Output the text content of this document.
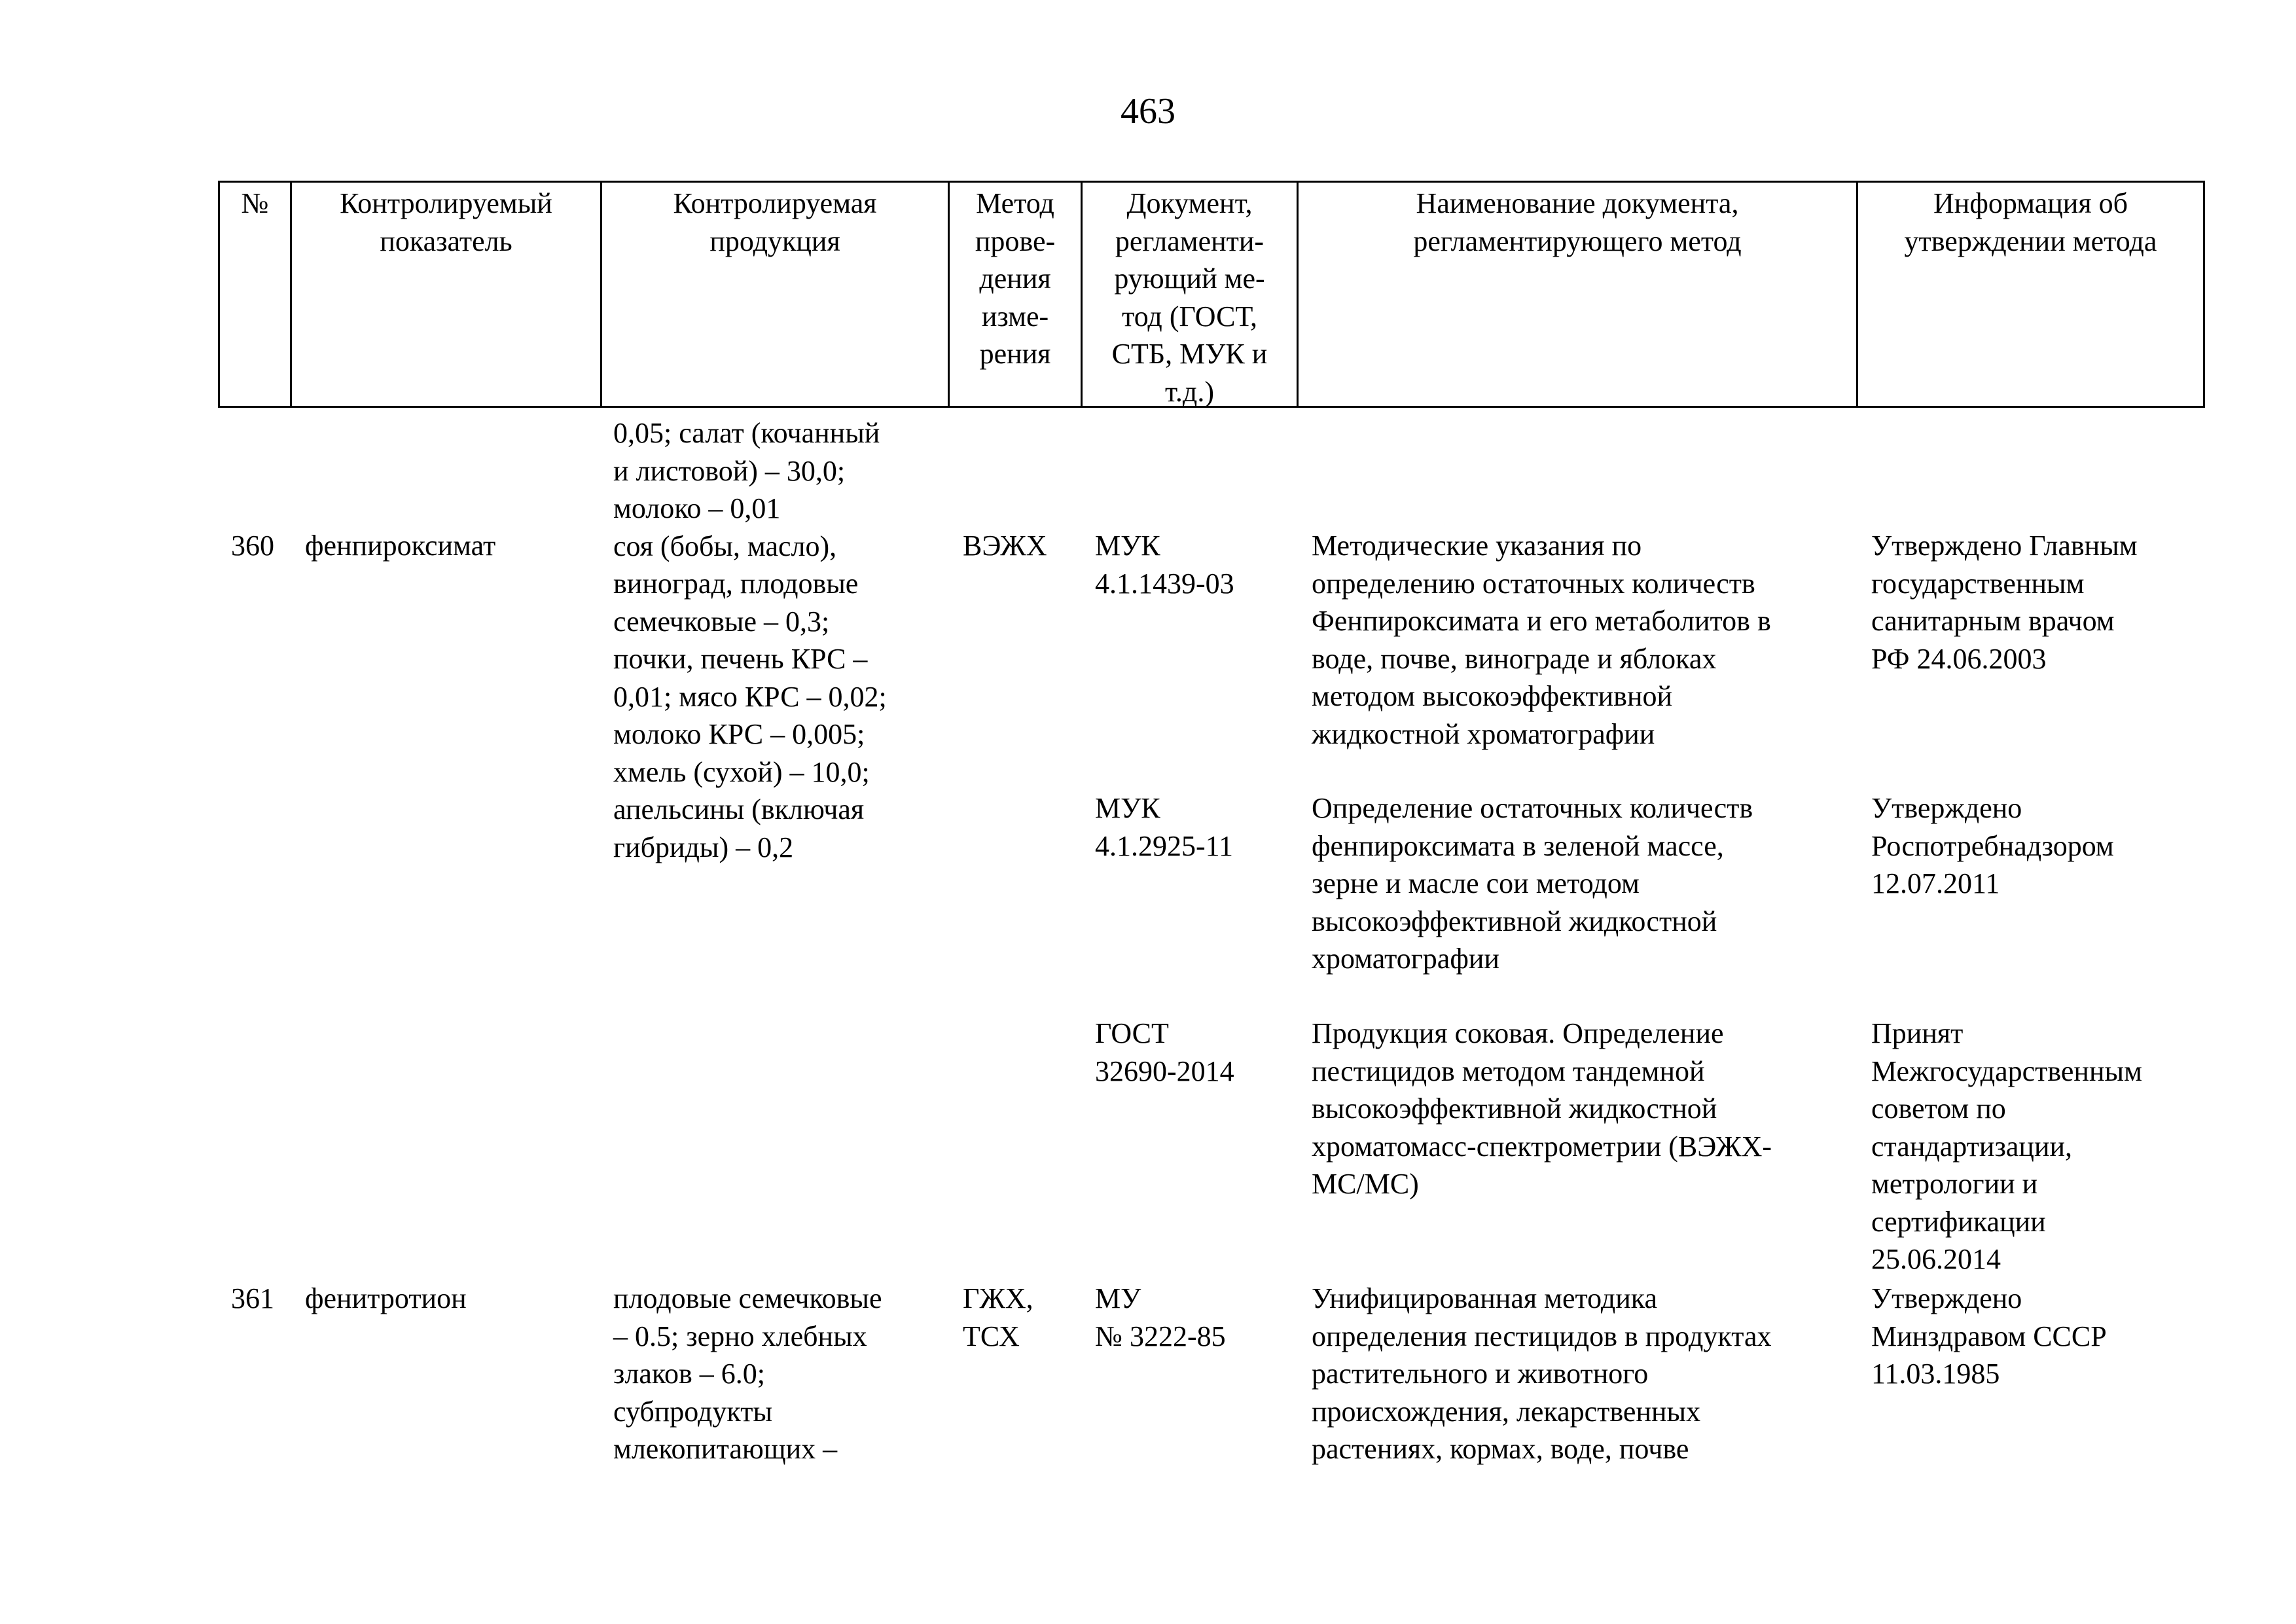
463
№	Контролируемый
показатель
Контролируемая
продукция
Метод
прове-
дения
изме-
рения
Документ,
регламенти-
рующий ме-
тод (ГОСТ,
СТБ, МУК и
т.д.)
Наименование документа,
регламентирующего метод
Информация об
утверждении метода
360 фенпироксимат
0,05; салат (кочанный
и листовой) – 30,0;
молоко – 0,01
соя (бобы, масло),
виноград, плодовые
семечковые – 0,3;
почки, печень КРС –
0,01; мясо КРС – 0,02;
молоко КРС – 0,005;
хмель (сухой) – 10,0;
апельсины (включая
гибриды) – 0,2
ВЭЖХ МУК
4.1.1439-03
Методические указания по
определению остаточных количеств
Фенпироксимата и его метаболитов в
воде, почве, винограде и яблоках
методом высокоэффективной
жидкостной хроматографии
Утверждено Главным
государственным
санитарным врачом
РФ 24.06.2003
МУК
4.1.2925-11
Определение остаточных количеств
фенпироксимата в зеленой массе,
зерне и масле сои методом
высокоэффективной жидкостной
хроматографии
Утверждено
Роспотребнадзором
12.07.2011
ГОСТ
32690-2014
Продукция соковая. Определение
пестицидов методом тандемной
высокоэффективной жидкостной
хроматомасс-спектрометрии (ВЭЖХ-
МС/МС)
Принят
Межгосударственным
советом по
стандартизации,
метрологии и
сертификации
25.06.2014
361 фенитротион	плодовые семечковые
– 0.5; зерно хлебных
злаков – 6.0;
субпродукты
млекопитающих –
ГЖХ,
ТСХ
МУ
№ 3222-85
Унифицированная методика
определения пестицидов в продуктах
растительного и животного
происхождения, лекарственных
растениях, кормах, воде, почве
Утверждено
Минздравом СССР
11.03.1985
